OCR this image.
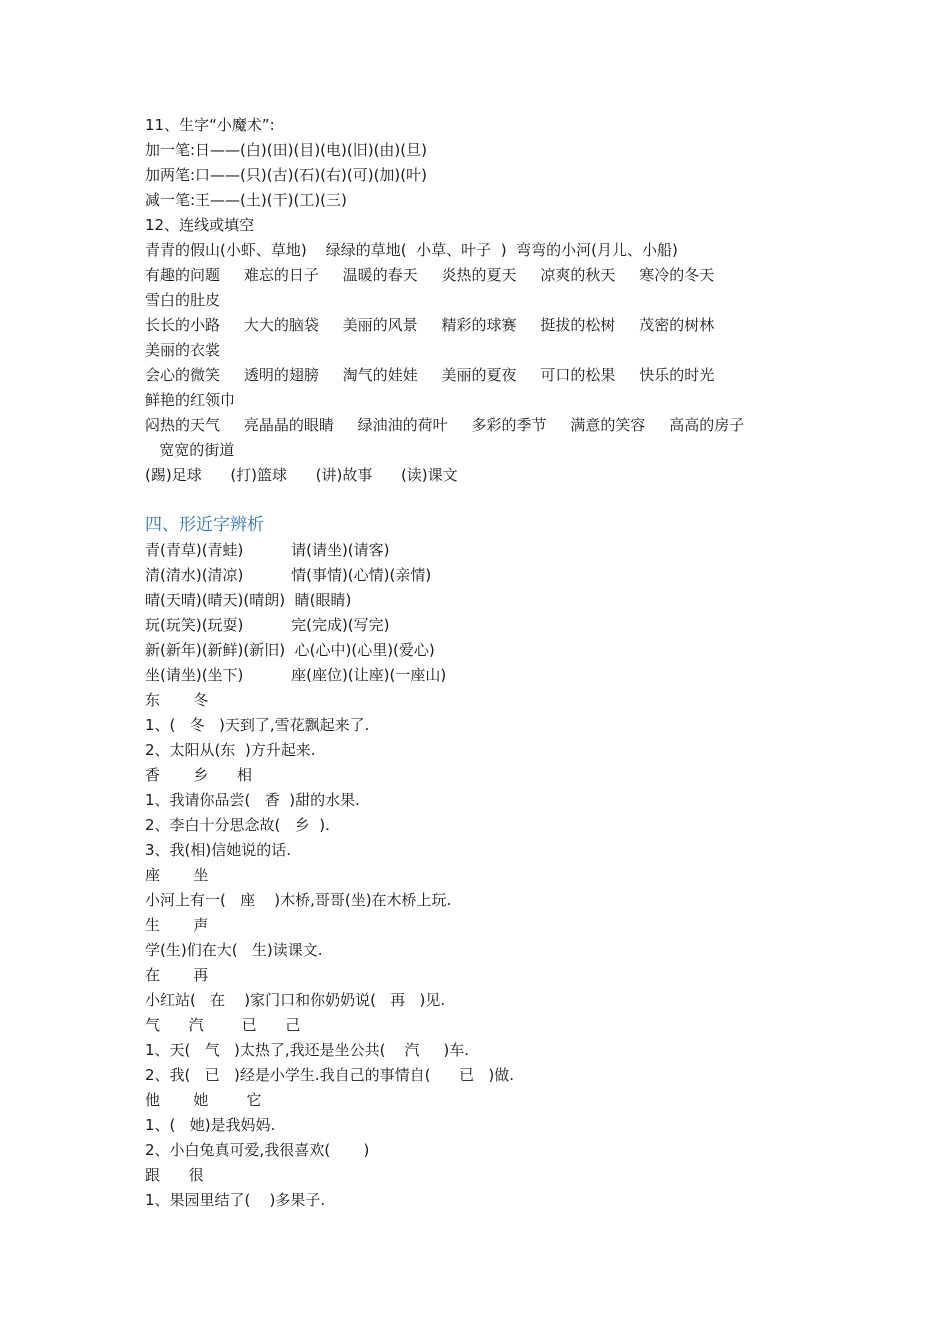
11、生字“小魔术”:
加一笔:日——(白)(田)(目)(电)(旧)(由)(旦)
加两笔:口——(只)(古)(石)(右)(可)(加)(叶)
减一笔:王——(土)(干)(工)(三)
12、连线或填空
青青的假山(小虾、草地)    绿绿的草地(  小草、叶子  )  弯弯的小河(月儿、小船)
有趣的问题     难忘的日子     温暖的春天     炎热的夏天     凉爽的秋天     寒冷的冬天
雪白的肚皮
长长的小路     大大的脑袋     美丽的风景     精彩的球赛     挺拔的松树     茂密的树林
美丽的衣裳
会心的微笑     透明的翅膀     淘气的娃娃     美丽的夏夜     可口的松果     快乐的时光
鲜艳的红领巾
闷热的天气     亮晶晶的眼睛     绿油油的荷叶     多彩的季节     满意的笑容     高高的房子
宽宽的街道
(踢)足球      (打)篮球      (讲)故事      (读)课文
四、形近字辨析
青(青草)(青蛙)          请(请坐)(请客)
清(清水)(清凉)          情(事情)(心情)(亲情)
晴(天晴)(晴天)(晴朗)  睛(眼睛)
玩(玩笑)(玩耍)          完(完成)(写完)
新(新年)(新鲜)(新旧)  心(心中)(心里)(爱心)
坐(请坐)(坐下)          座(座位)(让座)(一座山)
东       冬
1、(   冬   )天到了,雪花飘起来了.
2、太阳从(东  )方升起来.
香       乡      相
1、我请你品尝(   香  )甜的水果.
2、李白十分思念故(   乡  ).
3、我(相)信她说的话.
座       坐
小河上有一(   座    )木桥,哥哥(坐)在木桥上玩.
生       声
学(生)们在大(   生)读课文.
在       再
小红站(   在    )家门口和你奶奶说(   再   )见.
气      汽        已      己
1、天(   气   )太热了,我还是坐公共(    汽     )车.
2、我(   已   )经是小学生.我自己的事情自(      已   )做.
他       她        它
1、(   她)是我妈妈.
2、小白兔真可爱,我很喜欢(       )
跟      很
1、果园里结了(    )多果子.
